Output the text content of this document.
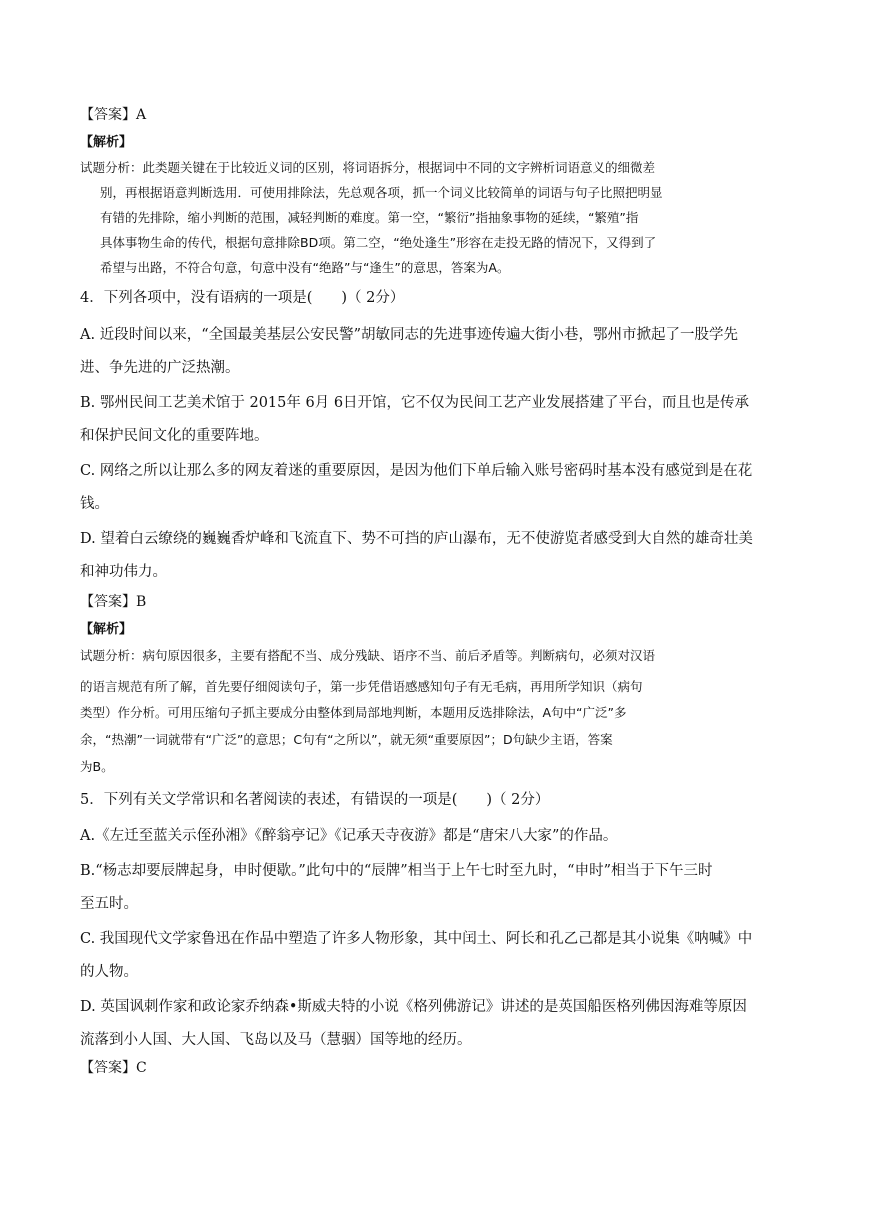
【答案】A
【解析】
试题分析：此类题关键在于比较近义词的区别，将词语拆分，根据词中不同的文字辨析词语意义的细微差
别，再根据语意判断选用．可使用排除法，先总观各项，抓一个词义比较简单的词语与句子比照把明显
有错的先排除，缩小判断的范围，减轻判断的难度。第一空，“繁衍”指抽象事物的延续，“繁殖”指
具体事物生命的传代，根据句意排除BD项。第二空，“绝处逢生”形容在走投无路的情况下，又得到了
希望与出路，不符合句意，句意中没有“绝路”与“逢生”的意思，答案为A。
4．下列各项中，没有语病的一项是(　　)（ 2分）
A. 近段时间以来，“全国最美基层公安民警”胡敏同志的先进事迹传遍大街小巷，鄂州市掀起了一股学先
进、争先进的广泛热潮。
B. 鄂州民间工艺美术馆于 2015年 6月 6日开馆，它不仅为民间工艺产业发展搭建了平台，而且也是传承
和保护民间文化的重要阵地。
C. 网络之所以让那么多的网友着迷的重要原因，是因为他们下单后输入账号密码时基本没有感觉到是在花
钱。
D. 望着白云缭绕的巍巍香炉峰和飞流直下、势不可挡的庐山瀑布，无不使游览者感受到大自然的雄奇壮美
和神功伟力。
【答案】B
【解析】
试题分析：病句原因很多，主要有搭配不当、成分残缺、语序不当、前后矛盾等。判断病句，必须对汉语
的语言规范有所了解，首先要仔细阅读句子，第一步凭借语感感知句子有无毛病，再用所学知识（病句
类型）作分析。可用压缩句子抓主要成分由整体到局部地判断，本题用反选排除法，A句中“广泛”多
余，“热潮”一词就带有“广泛”的意思；C句有“之所以”，就无须“重要原因”；D句缺少主语，答案
为B。
5．下列有关文学常识和名著阅读的表述，有错误的一项是(　　)（ 2分）
A.《左迁至蓝关示侄孙湘》《醉翁亭记》《记承天寺夜游》都是“唐宋八大家”的作品。
B.“杨志却要辰牌起身，申时便歇。”此句中的“辰牌”相当于上午七时至九时，“申时”相当于下午三时
至五时。
C. 我国现代文学家鲁迅在作品中塑造了许多人物形象，其中闰土、阿长和孔乙己都是其小说集《呐喊》中
的人物。
D. 英国讽刺作家和政论家乔纳森•斯威夫特的小说《格列佛游记》讲述的是英国船医格列佛因海难等原因
流落到小人国、大人国、飞岛以及马（慧骃）国等地的经历。
【答案】C
